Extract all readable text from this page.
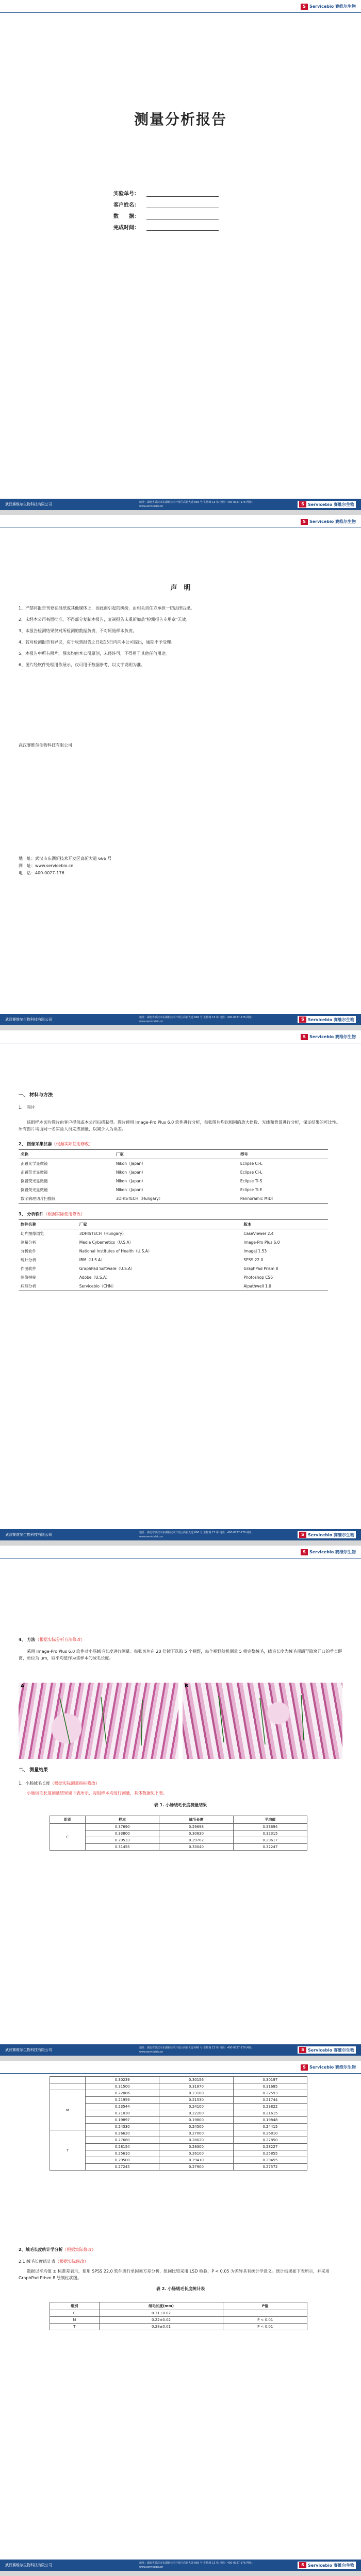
S Servicebio 赛维尔生物
测量分析报告
实验单号：
客户姓名：
数　　据：
完成时间：
武汉赛维尔生物科技有限公司	地址：湖北省武汉市东湖新技术开发区高新大道 666 号 生物城 C3 栋 电话：400-0027-176 网址：www.servicebio.cn	S Servicebio 赛维尔生物
S Servicebio 赛维尔生物
声　明
1、严禁将报告刊登在报纸或其他媒体上，因此而引起的纠纷，由相关责任方承担一切法律后果。
2、未经本公司书面批准，不得部分复制本报告，复制报告未重新加盖"检测报告专用章"无效。
3、本报告检测结果仅对所检测的数据负责，不对原始样本负责。
4、若对检测报告有异议，应于收到报告之日起15日内向本公司提出，逾期不予受理。
5、本报告中所有照片、图表均由本公司原创，未经许可，不得用于其他任何用途。
6、图片经软件处理用作展示，仅可用于数据参考，以文字说明为准。
武汉赛维尔生物科技有限公司
地　址：武汉市东湖新技术开发区高新大道 666 号
网　址：www.servicebio.cn
电　话：400-0027-176
武汉赛维尔生物科技有限公司	地址：湖北省武汉市东湖新技术开发区高新大道 666 号 生物城 C3 栋 电话：400-0027-176 网址：www.servicebio.cn	S Servicebio 赛维尔生物
S Servicebio 赛维尔生物
一、 材料与方法
1、 图片
该组样本切片图片由客户提供或本公司扫描获得。图片使用 Image-Pro Plus 6.0 软件进行分析，每张图片均以相同的放大倍数、光线和背景进行分析，保证结果的可比性。所有图片均由同一名实验人员完成测量，以减少人为误差。
2、 图像采集仪器（根据实际使用修改）
名称	厂家	型号
正置光学显微镜	Nikon（Japan）	Eclipse Ci-L
正置荧光显微镜	Nikon（Japan）	Eclipse Ci-L
倒置荧光显微镜	Nikon（Japan）	Eclipse Ti-S
倒置荧光显微镜	Nikon（Japan）	Eclipse Ti-E
数字病理切片扫描仪	3DHISTECH（Hungary）	Pannoramic MIDI
3、 分析软件（根据实际使用修改）
软件名称	厂家	版本
切片图像浏览	3DHISTECH（Hungary）	CaseViewer 2.4
测量分析	Media Cybernetics（U.S.A）	Image-Pro Plus 6.0
分析软件	National Institutes of Health（U.S.A）	ImageJ 1.53
统计分析	IBM（U.S.A）	SPSS 22.0
作图软件	GraphPad Software（U.S.A）	GraphPad Prism 8
图像拼接	Adobe（U.S.A）	Photoshop CS6
病理分析	Servicebio（CHN）	Aipathwell 1.0
武汉赛维尔生物科技有限公司	地址：湖北省武汉市东湖新技术开发区高新大道 666 号 生物城 C3 栋 电话：400-0027-176 网址：www.servicebio.cn	S Servicebio 赛维尔生物
S Servicebio 赛维尔生物
4、 方法（根据实际分析方法修改）
采用 Image-Pro Plus 6.0 软件对小肠绒毛长度进行测量。每张切片在 20 倍镜下选取 5 个视野，每个视野随机测量 5 根完整绒毛，绒毛长度为绒毛顶端至隐窝开口的垂直距离，单位为 μm，取平均值作为该样本的绒毛长度。
A	B
二、 测量结果
1、小肠绒毛长度（根据实际测量指标修改）
小肠绒毛长度测量结果如下表所示，每组样本均进行测量，具体数据见下表。
表 1. 小肠绒毛长度测量结果
组别	样本	绒毛长度	平均值
C	0.37690	0.29698	0.33694
	0.33800	0.30830	0.32315
	0.29533	0.29702	0.29617
	0.31455	0.33040	0.32247
武汉赛维尔生物科技有限公司	地址：湖北省武汉市东湖新技术开发区高新大道 666 号 生物城 C3 栋 电话：400-0027-176 网址：www.servicebio.cn	S Servicebio 赛维尔生物
S Servicebio 赛维尔生物
	0.30239	0.30156	0.30197
	0.31500	0.31870	0.31685
M	0.22086	0.23100	0.22593
	0.21959	0.21530	0.21744
	0.23544	0.24100	0.23822
	0.21030	0.22200	0.21615
	0.19897	0.19800	0.19848
	0.24330	0.24500	0.24415
T	0.26620	0.27000	0.26810
	0.27680	0.28020	0.27850
	0.28154	0.28300	0.28227
	0.25610	0.26100	0.25855
	0.29500	0.29410	0.29455
	0.27245	0.27900	0.27572
2、绒毛长度统计学分析（根据实际修改）
2.1 绒毛长度统计表（根据实际修改）
数据以平均值 ± 标准差表示，使用 SPSS 22.0 软件进行单因素方差分析，组间比较采用 LSD 检验，P < 0.05 为差异具有统计学意义。统计结果如下表所示，并采用 GraphPad Prism 8 绘制柱状图。
表 2. 小肠绒毛长度统计表
组别	绒毛长度(mm)	P值
C	0.31±0.02	
M	0.22±0.02	P < 0.01
T	0.28±0.01	P < 0.01
武汉赛维尔生物科技有限公司	地址：湖北省武汉市东湖新技术开发区高新大道 666 号 生物城 C3 栋 电话：400-0027-176 网址：www.servicebio.cn	S Servicebio 赛维尔生物
